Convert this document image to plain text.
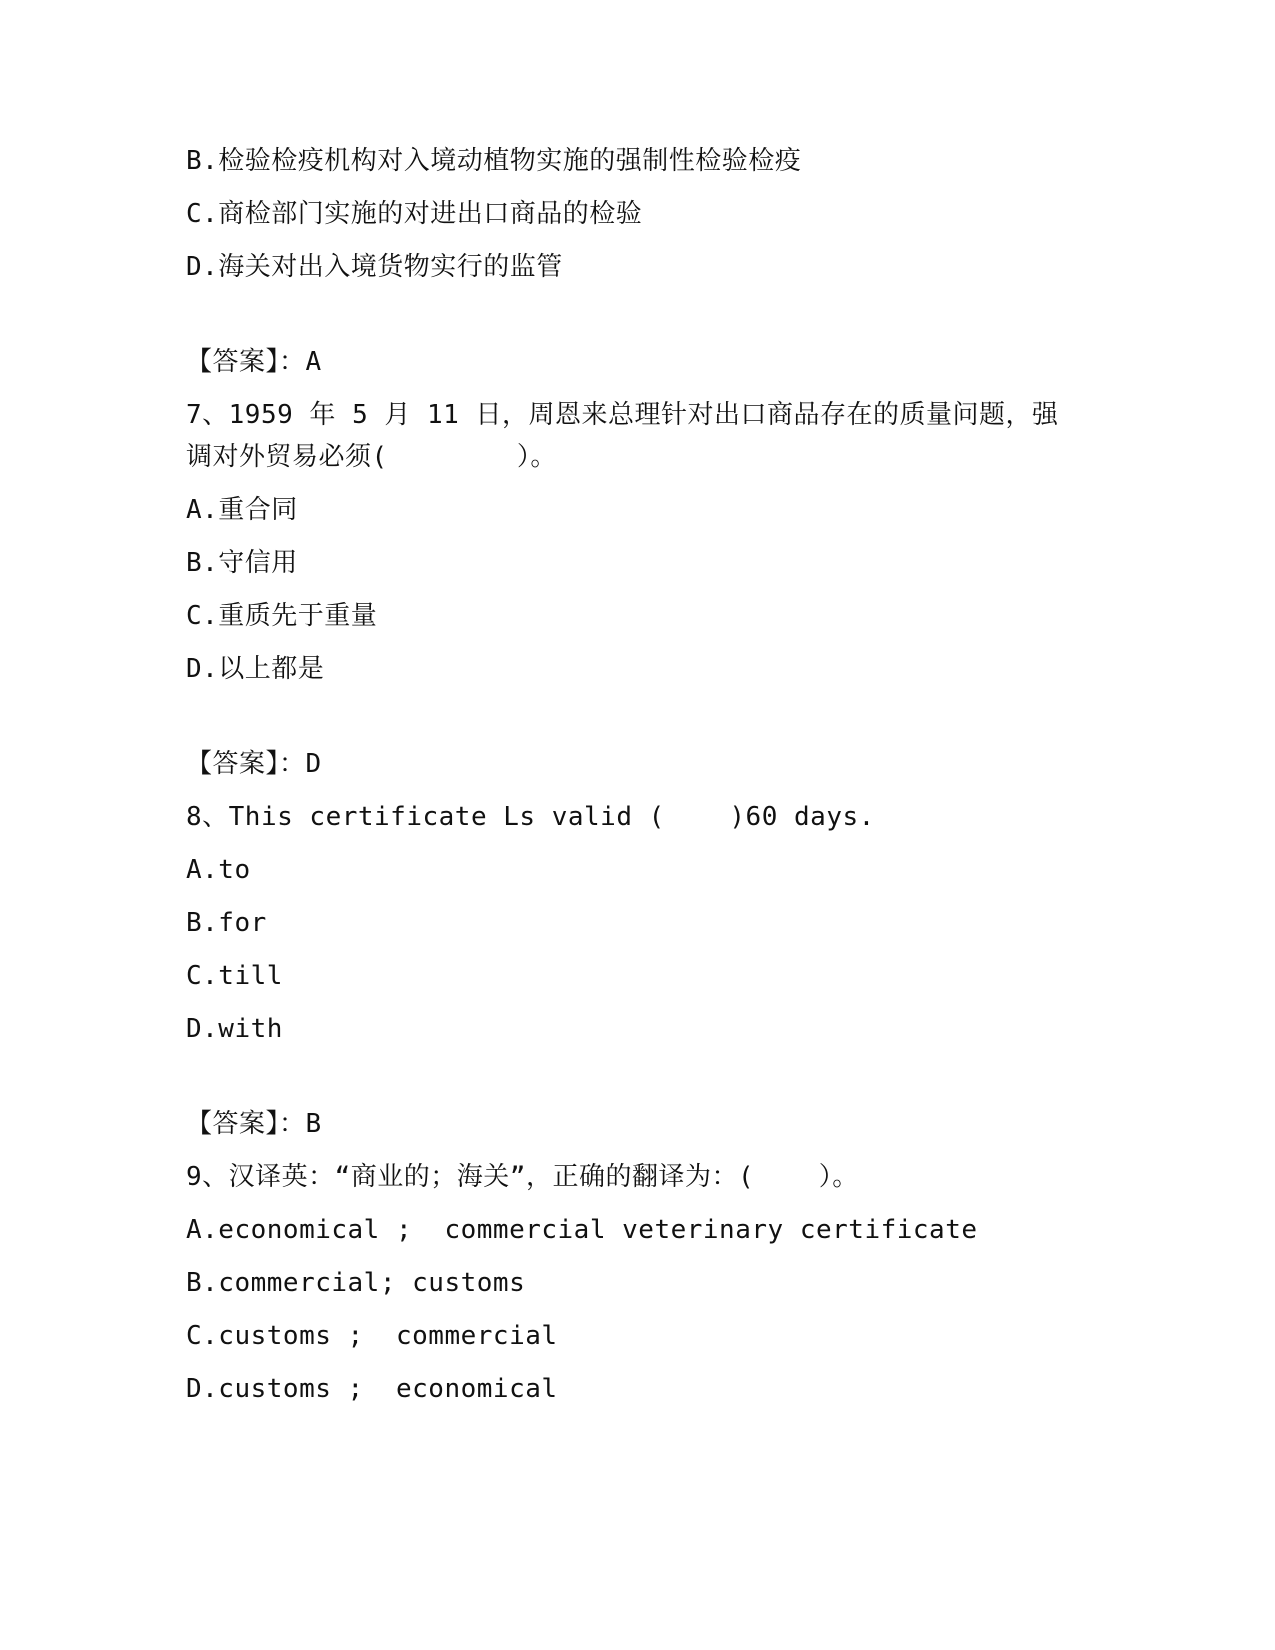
B.检验检疫机构对入境动植物实施的强制性检验检疫
C.商检部门实施的对进出口商品的检验
D.海关对出入境货物实行的监管
【答案】：A
7、1959 年 5 月 11 日，周恩来总理针对出口商品存在的质量问题，强
调对外贸易必须(        ）。
A.重合同
B.守信用
C.重质先于重量
D.以上都是
【答案】：D
8、This certificate Ls valid (    )60 days.
A.to
B.for
C.till
D.with
【答案】：B
9、汉译英：“商业的；海关”，正确的翻译为：(    ）。
A.economical ;  commercial veterinary certificate
B.commercial; customs
C.customs ;  commercial
D.customs ;  economical
